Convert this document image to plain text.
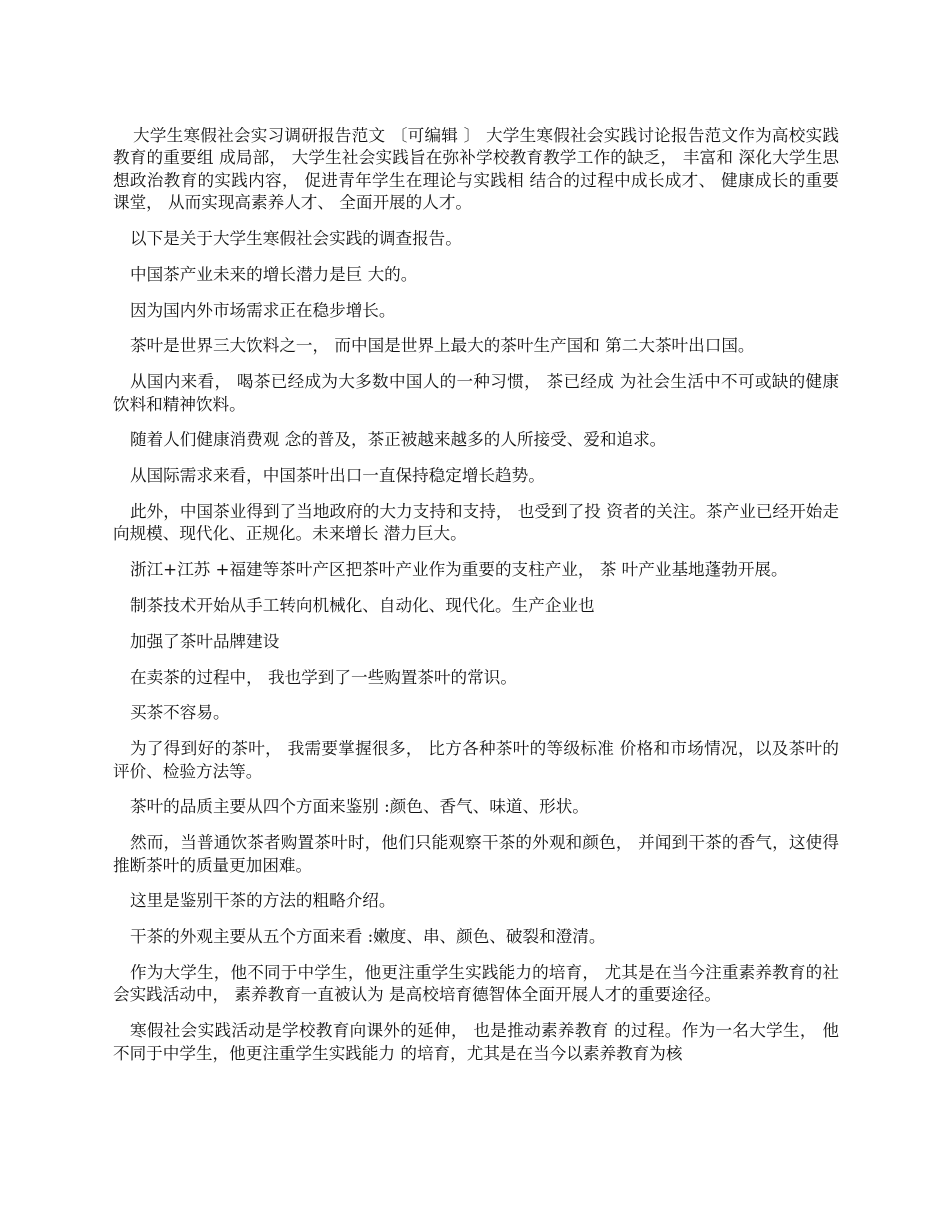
大学生寒假社会实习调研报告范文 〔可编辑 〕 大学生寒假社会实践讨论报告范文作为高校实践教育的重要组 成局部， 大学生社会实践旨在弥补学校教育教学工作的缺乏， 丰富和 深化大学生思想政治教育的实践内容， 促进青年学生在理论与实践相 结合的过程中成长成才、 健康成长的重要课堂， 从而实现高素养人才、 全面开展的人才。

以下是关于大学生寒假社会实践的调查报告。

中国茶产业未来的增长潜力是巨 大的。

因为国内外市场需求正在稳步增长。

茶叶是世界三大饮料之一， 而中国是世界上最大的茶叶生产国和 第二大茶叶出口国。

从国内来看， 喝茶已经成为大多数中国人的一种习惯， 茶已经成 为社会生活中不可或缺的健康饮料和精神饮料。

随着人们健康消费观 念的普及，茶正被越来越多的人所接受、爱和追求。

从国际需求来看，中国茶叶出口一直保持稳定增长趋势。

此外，中国茶业得到了当地政府的大力支持和支持， 也受到了投 资者的关注。茶产业已经开始走向规模、现代化、正规化。未来增长 潜力巨大。

浙江+江苏 +福建等茶叶产区把茶叶产业作为重要的支柱产业， 茶 叶产业基地蓬勃开展。

制茶技术开始从手工转向机械化、自动化、现代化。生产企业也

加强了茶叶品牌建设

在卖茶的过程中， 我也学到了一些购置茶叶的常识。

买茶不容易。

为了得到好的茶叶， 我需要掌握很多， 比方各种茶叶的等级标准 价格和市场情况，以及茶叶的评价、检验方法等。

茶叶的品质主要从四个方面来鉴别 :颜色、香气、味道、形状。

然而，当普通饮茶者购置茶叶时，他们只能观察干茶的外观和颜色， 并闻到干茶的香气，这使得推断茶叶的质量更加困难。

这里是鉴别干茶的方法的粗略介绍。

干茶的外观主要从五个方面来看 :嫩度、串、颜色、破裂和澄清。

作为大学生，他不同于中学生，他更注重学生实践能力的培育， 尤其是在当今注重素养教育的社会实践活动中， 素养教育一直被认为 是高校培育德智体全面开展人才的重要途径。

寒假社会实践活动是学校教育向课外的延伸， 也是推动素养教育 的过程。作为一名大学生， 他不同于中学生，他更注重学生实践能力 的培育，尤其是在当今以素养教育为核
